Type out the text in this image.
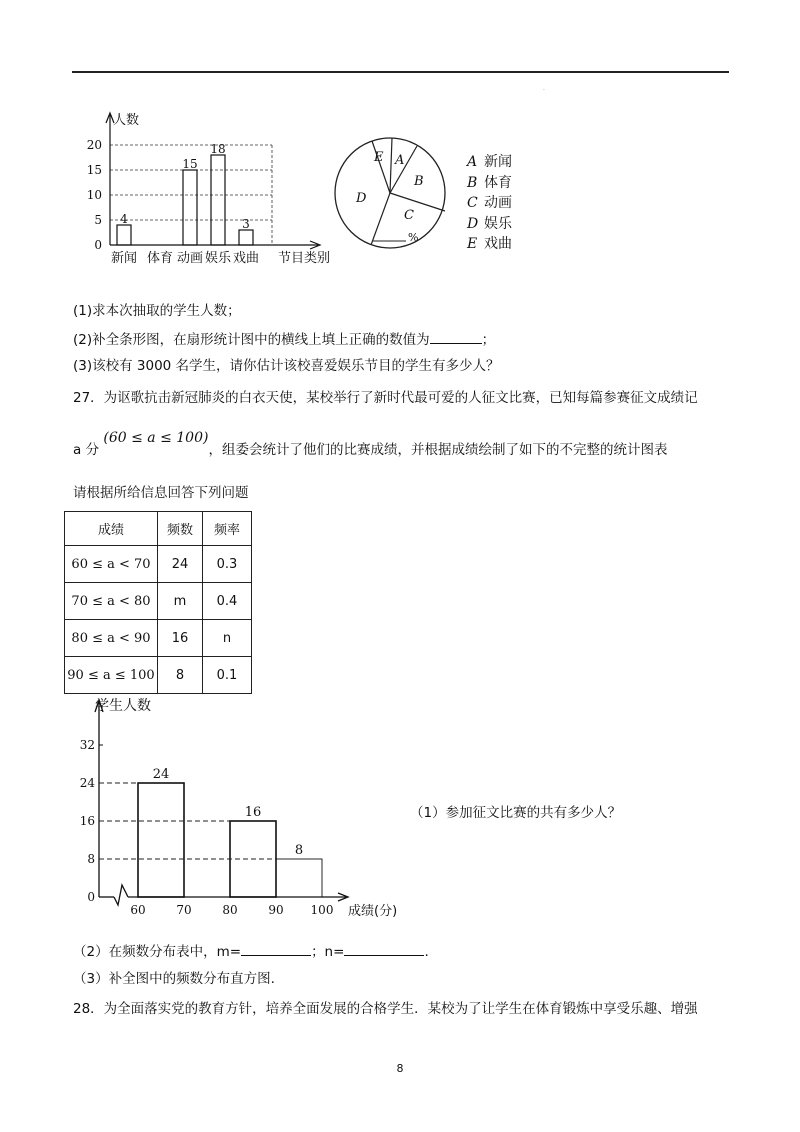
.
0
5
10
15
20
人数
节目类别
新闻
4
体育 动画
15
娱乐
18
戏曲
3
E A
B
C
D
%
A 新闻
B 体育
C 动画
D 娱乐
E 戏曲
(1)求本次抽取的学生人数；
(2)补全条形图，在扇形统计图中的横线上填上正确的数值为	；
(3)该校有 3000 名学生，请你估计该校喜爱娱乐节目的学生有多少人？
27．为讴歌抗击新冠肺炎的白衣天使，某校举行了新时代最可爱的人征文比赛，已知每篇参赛征文成绩记
a 分 (60 ≤ a ≤ 100)，组委会统计了他们的比赛成绩，并根据成绩绘制了如下的不完整的统计图表
请根据所给信息回答下列问题
成绩	频数	频率
60 ≤ a < 70	24	0.3
70 ≤ a < 80	m	0.4
80 ≤ a < 90	16	n
90 ≤ a ≤ 100	8	0.1
学生人数
成绩(分)
0
8
16
24
32
60	70	80	90 100
24
16
8
（1）参加征文比赛的共有多少人？
（2）在频数分布表中，m=	；n=	.
（3）补全图中的频数分布直方图.
28．为全面落实党的教育方针，培养全面发展的合格学生．某校为了让学生在体育锻炼中享受乐趣、增强
8
